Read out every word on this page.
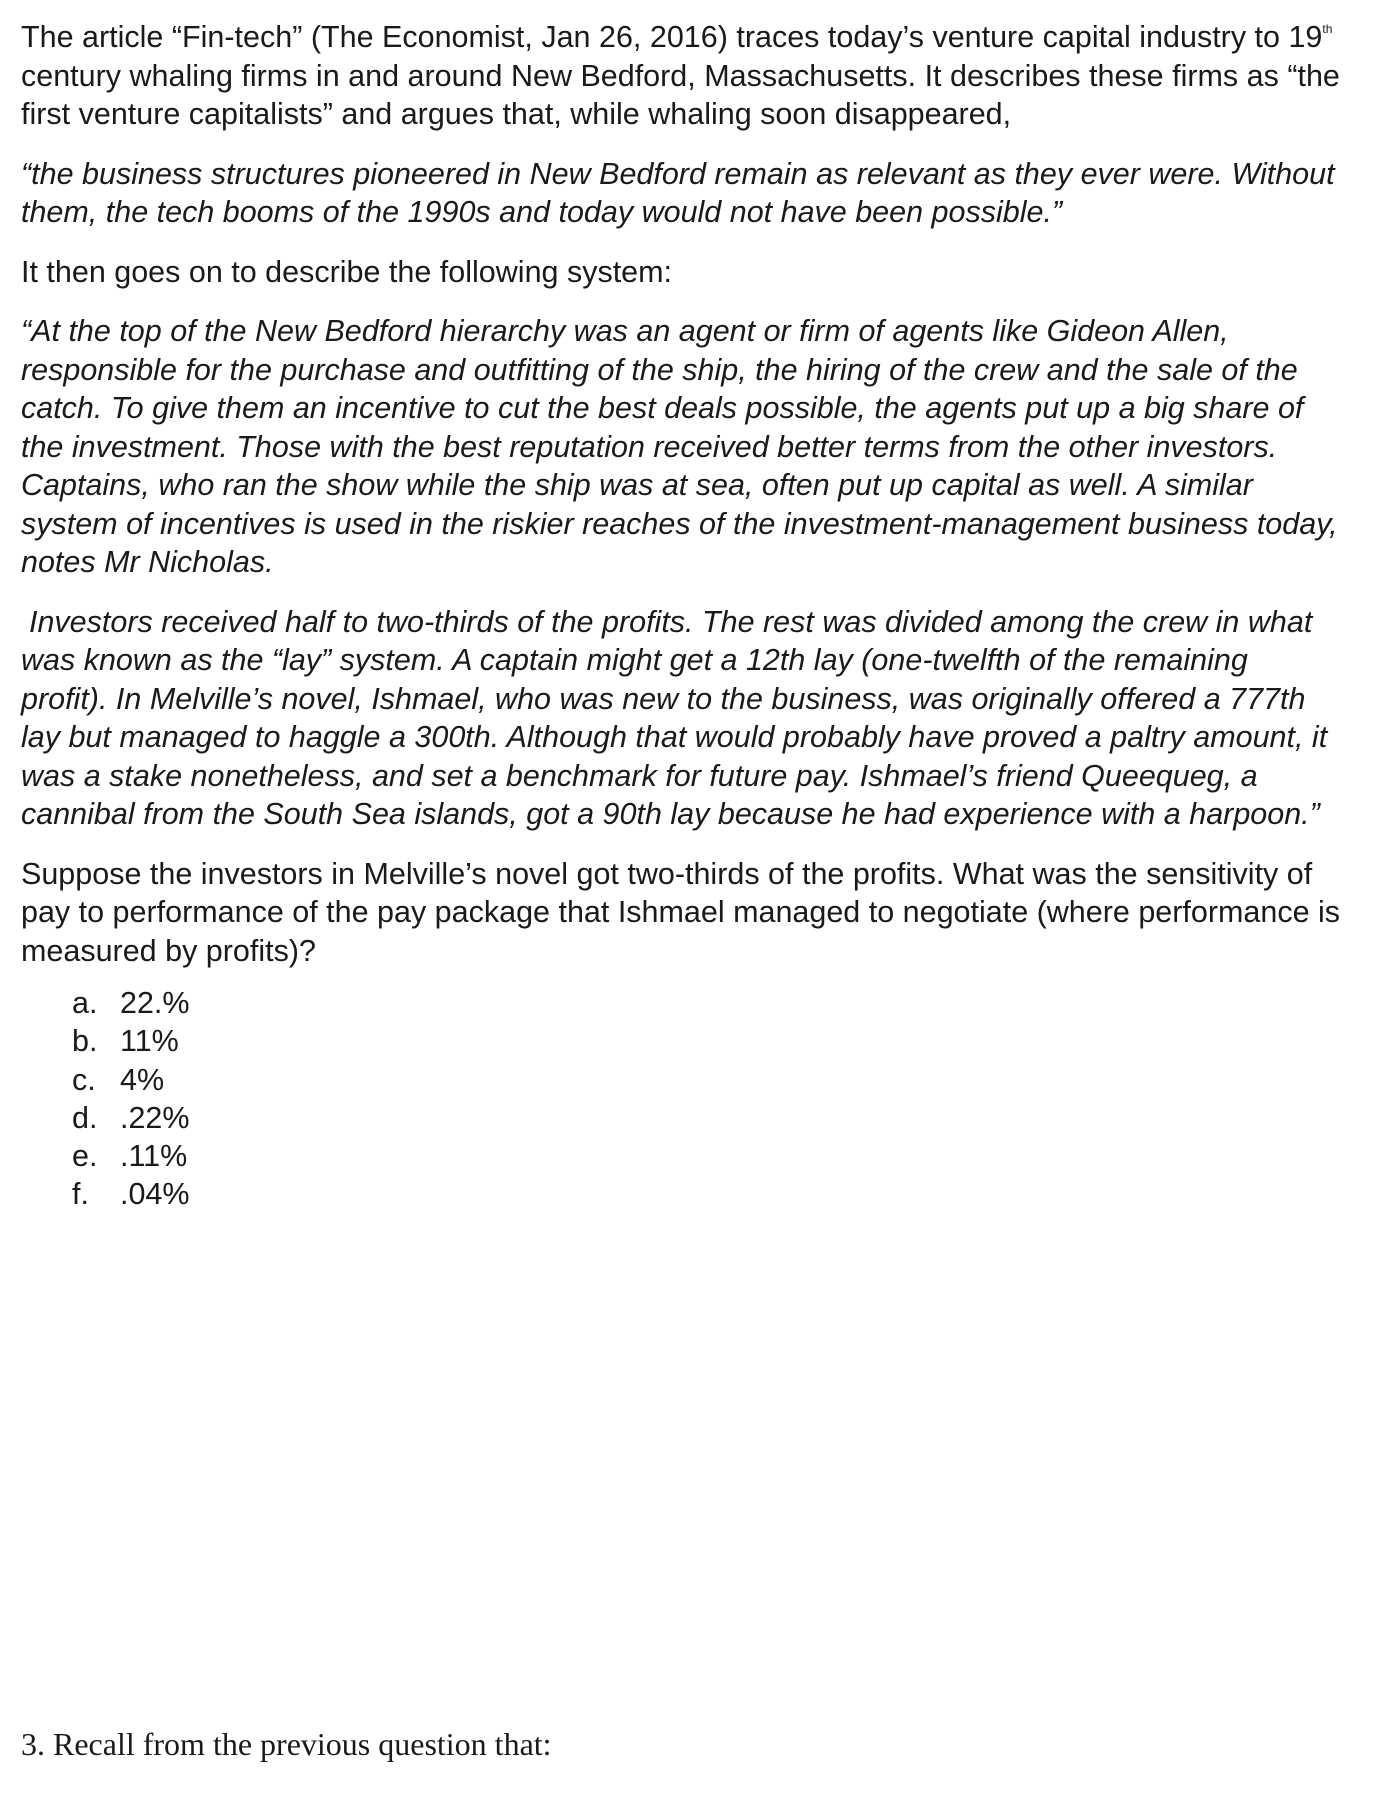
The article “Fin-tech” (The Economist, Jan 26, 2016) traces today’s venture capital industry to 19th century whaling firms in and around New Bedford, Massachusetts. It describes these firms as “the first venture capitalists” and argues that, while whaling soon disappeared,

“the business structures pioneered in New Bedford remain as relevant as they ever were. Without them, the tech booms of the 1990s and today would not have been possible.”

It then goes on to describe the following system:

“At the top of the New Bedford hierarchy was an agent or firm of agents like Gideon Allen, responsible for the purchase and outfitting of the ship, the hiring of the crew and the sale of the catch. To give them an incentive to cut the best deals possible, the agents put up a big share of the investment. Those with the best reputation received better terms from the other investors. Captains, who ran the show while the ship was at sea, often put up capital as well. A similar system of incentives is used in the riskier reaches of the investment-management business today, notes Mr Nicholas.

Investors received half to two-thirds of the profits. The rest was divided among the crew in what was known as the “lay” system. A captain might get a 12th lay (one-twelfth of the remaining profit). In Melville’s novel, Ishmael, who was new to the business, was originally offered a 777th lay but managed to haggle a 300th. Although that would probably have proved a paltry amount, it was a stake nonetheless, and set a benchmark for future pay. Ishmael’s friend Queequeg, a cannibal from the South Sea islands, got a 90th lay because he had experience with a harpoon.”

Suppose the investors in Melville’s novel got two-thirds of the profits. What was the sensitivity of pay to performance of the pay package that Ishmael managed to negotiate (where performance is measured by profits)?

a. 22.%
b. 11%
c. 4%
d. .22%
e. .11%
f.	.04%

3. Recall from the previous question that:
